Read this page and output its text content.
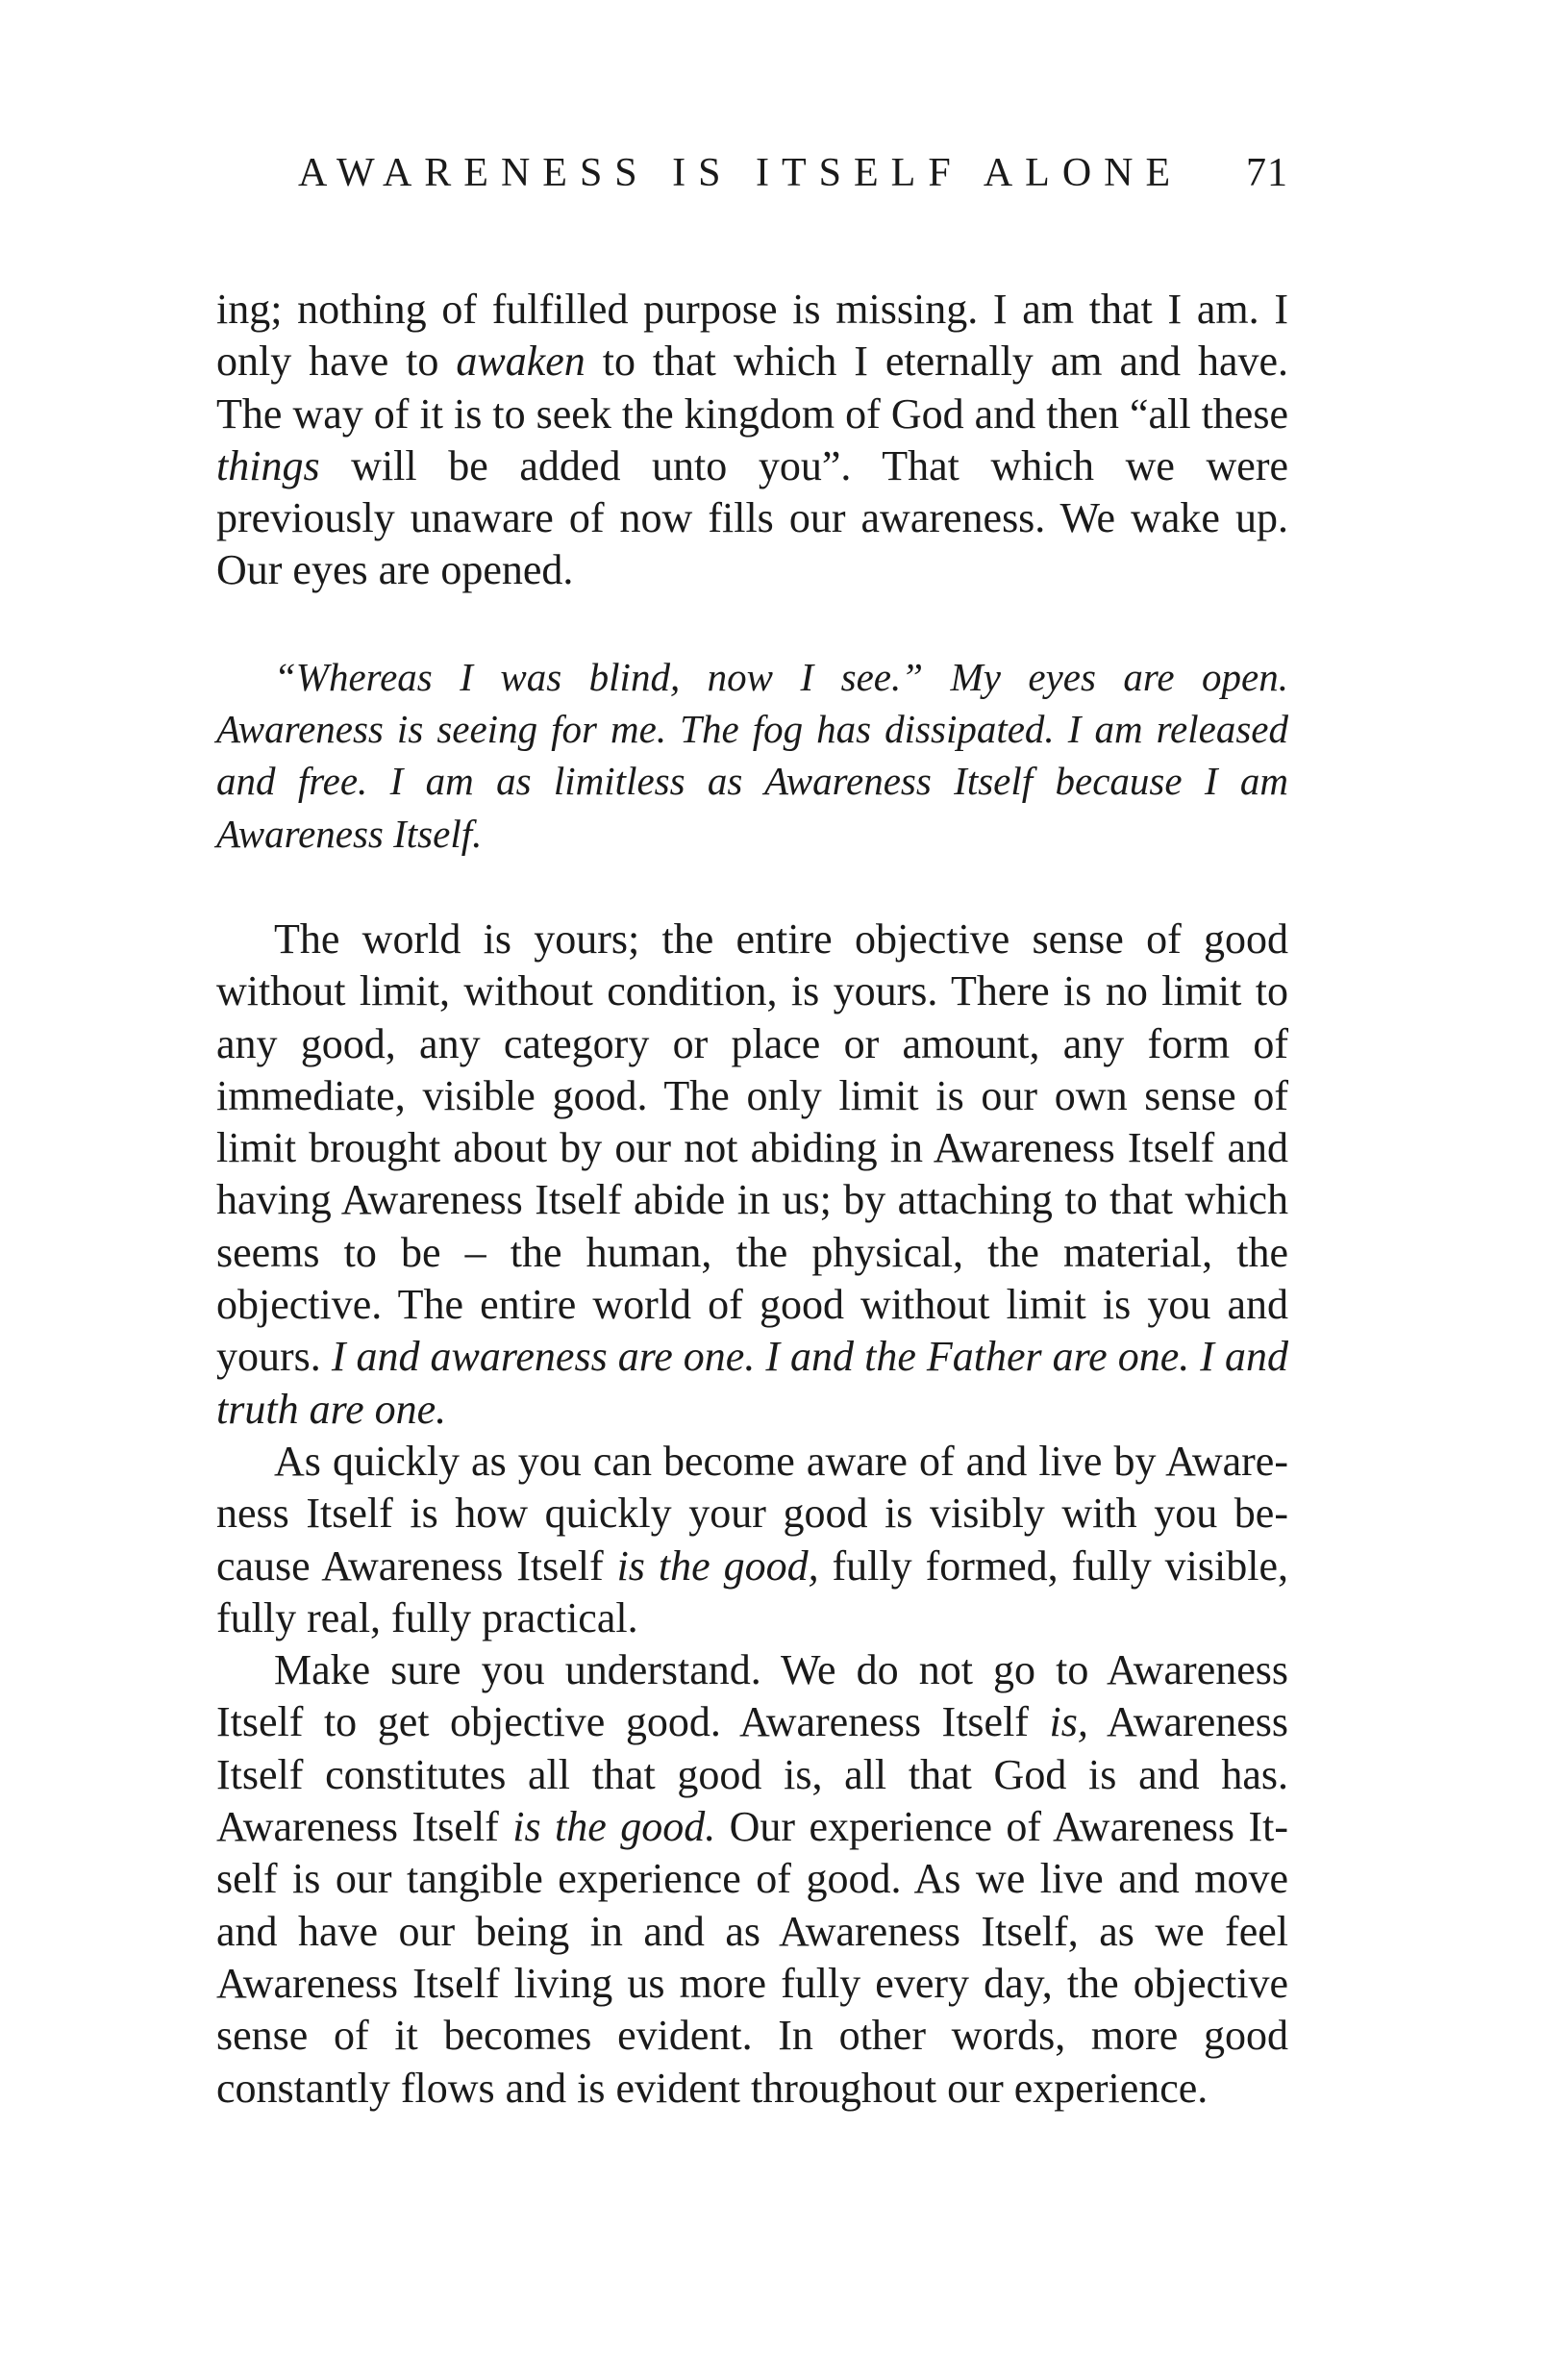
AWARENESS IS ITSELF ALONE 71

ing; nothing of fulfilled purpose is missing. I am that I am. I only have to awaken to that which I eternally am and have. The way of it is to seek the kingdom of God and then “all these things will be added unto you”. That which we were previously unaware of now fills our awareness. We wake up. Our eyes are opened.

“Whereas I was blind, now I see.” My eyes are open. Awareness is seeing for me. The fog has dissipated. I am released and free. I am as limitless as Awareness Itself because I am Awareness Itself.

The world is yours; the entire objective sense of good without limit, without condition, is yours. There is no limit to any good, any category or place or amount, any form of immediate, visible good. The only limit is our own sense of limit brought about by our not abiding in Awareness Itself and having Awareness Itself abide in us; by attaching to that which seems to be – the human, the physical, the material, the objective. The entire world of good without limit is you and yours. I and awareness are one. I and the Father are one. I and truth are one.

As quickly as you can become aware of and live by Awareness Itself is how quickly your good is visibly with you because Awareness Itself is the good, fully formed, fully visible, fully real, fully practical.

Make sure you understand. We do not go to Awareness Itself to get objective good. Awareness Itself is, Awareness Itself constitutes all that good is, all that God is and has. Awareness Itself is the good. Our experience of Awareness Itself is our tangible experience of good. As we live and move and have our being in and as Awareness Itself, as we feel Awareness Itself living us more fully every day, the objective sense of it becomes evident. In other words, more good constantly flows and is evident throughout our experience.
